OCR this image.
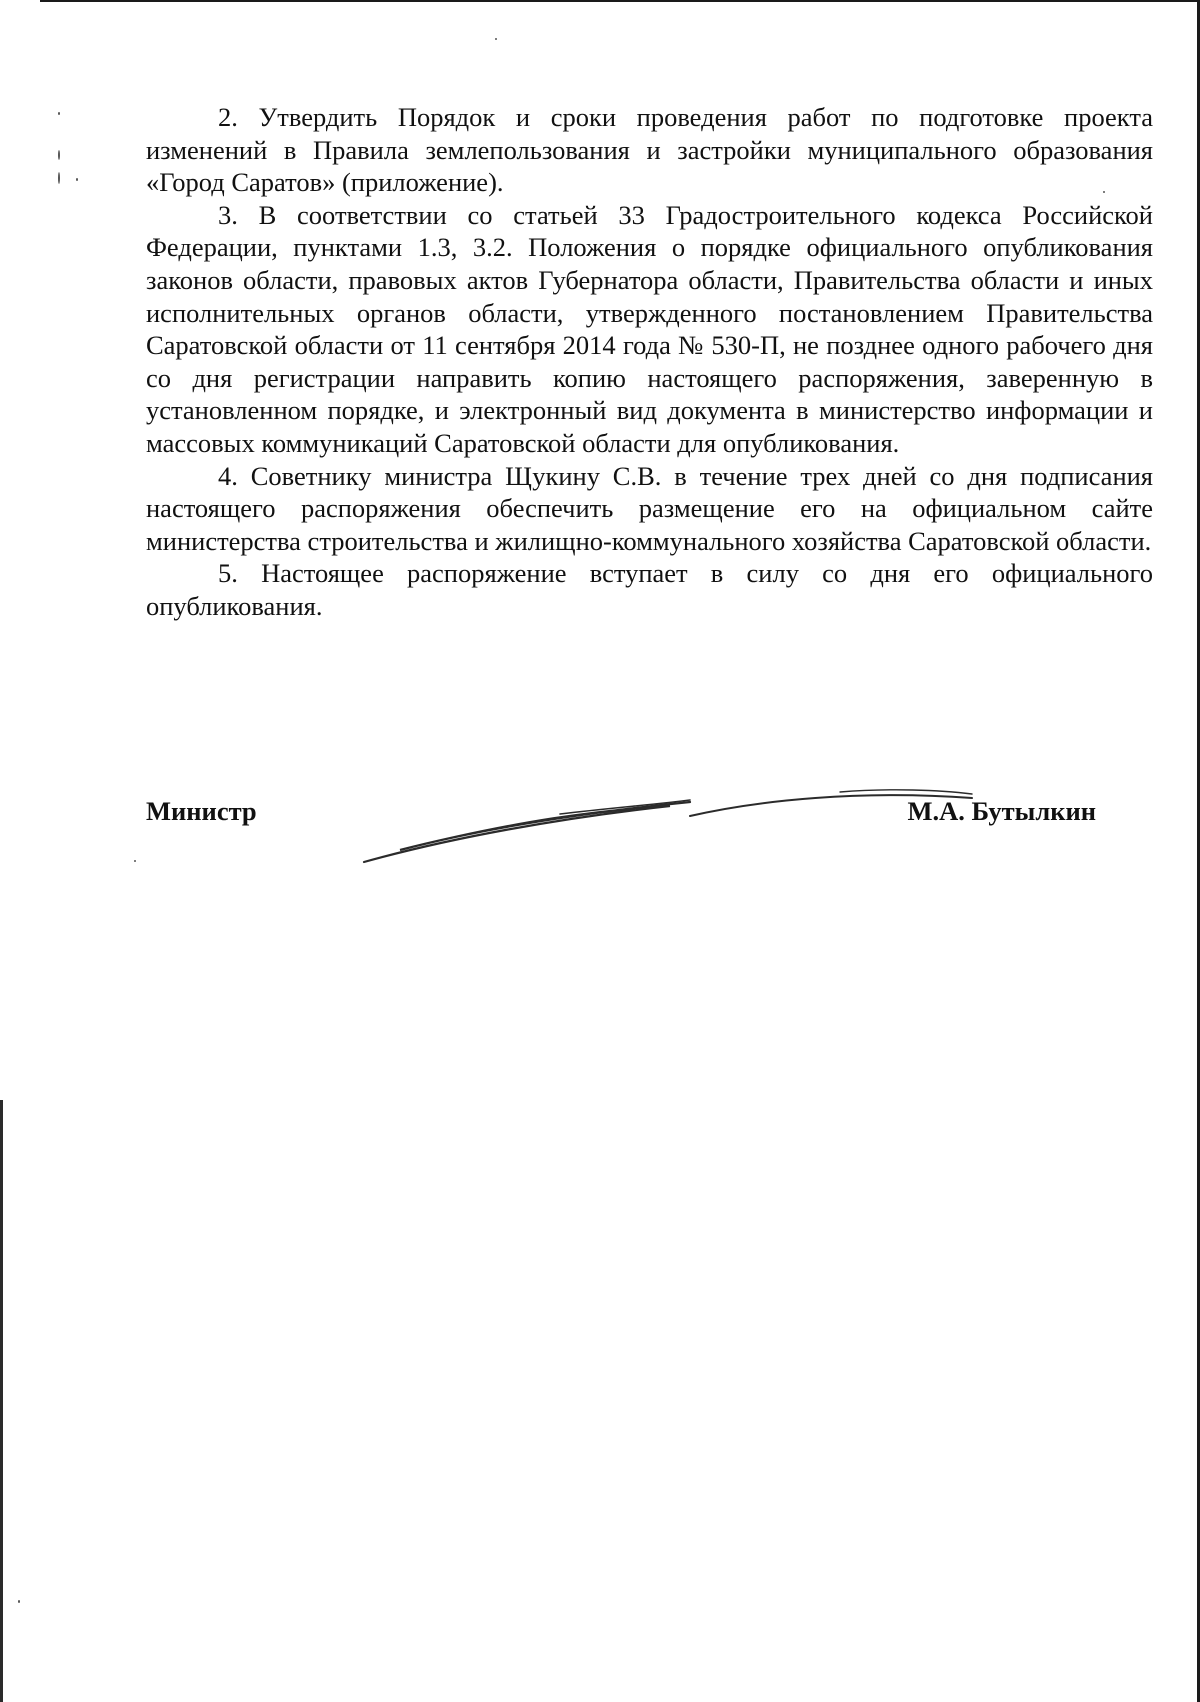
2. Утвердить Порядок и сроки проведения работ по подготовке проекта изменений в Правила землепользования и застройки муниципального образования «Город Саратов» (приложение).

3. В соответствии со статьей 33 Градостроительного кодекса Российской Федерации, пунктами 1.3, 3.2. Положения о порядке официального опубликования законов области, правовых актов Губернатора области, Правительства области и иных исполнительных органов области, утвержденного постановлением Правительства Саратовской области от 11 сентября 2014 года № 530-П, не позднее одного рабочего дня со дня регистрации направить копию настоящего распоряжения, заверенную в установленном порядке, и электронный вид документа в министерство информации и массовых коммуникаций Саратовской области для опубликования.

4. Советнику министра Щукину С.В. в течение трех дней со дня подписания настоящего распоряжения обеспечить размещение его на официальном сайте министерства строительства и жилищно-коммунального хозяйства Саратовской области.

5. Настоящее распоряжение вступает в силу со дня его официального опубликования.

Министр	М.А. Бутылкин
